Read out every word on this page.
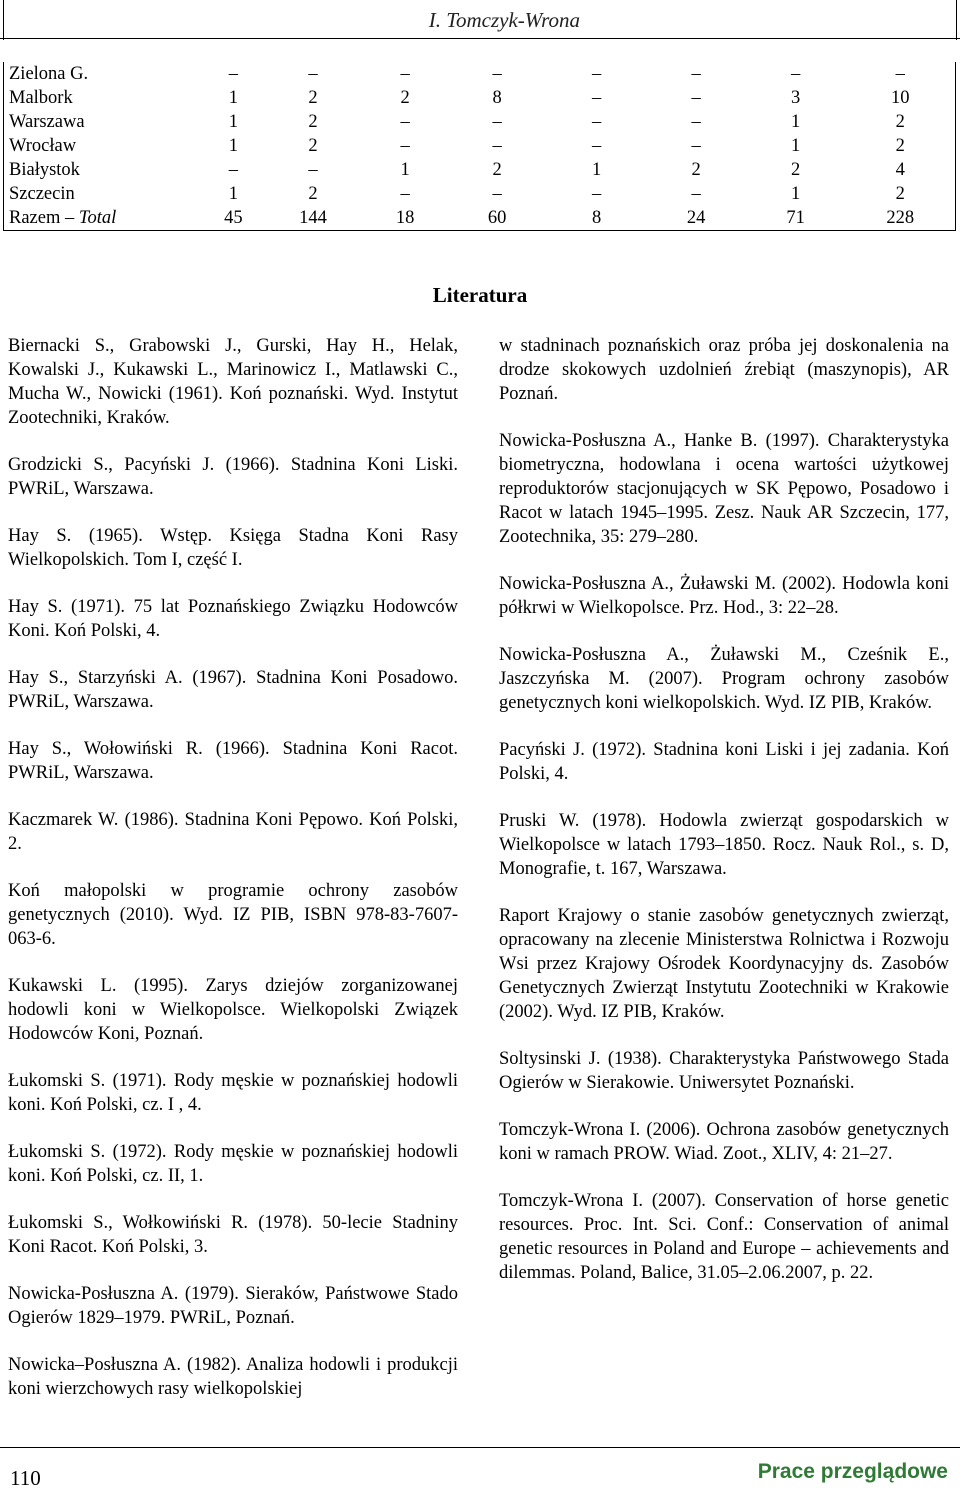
I. Tomczyk-Wrona
Zielona G.	–	–	–	–	–	–	–	–
Malbork	1	2	2	8	–	–	3	10
Warszawa	1	2	–	–	–	–	1	2
Wrocław	1	2	–	–	–	–	1	2
Białystok	–	–	1	2	1	2	2	4
Szczecin	1	2	–	–	–	–	1	2
Razem – Total	45	144	18	60	8	24	71	228
Literatura

Biernacki S., Grabowski J., Gurski, Hay H., Helak, Kowalski J., Kukawski L., Marinowicz I., Matlawski C., Mucha W., Nowicki (1961). Koń poznański. Wyd. Instytut Zootechniki, Kraków.

Grodzicki S., Pacyński J. (1966). Stadnina Koni Liski. PWRiL, Warszawa.

Hay S. (1965). Wstęp. Księga Stadna Koni Rasy Wielkopolskich. Tom I, część I.

Hay S. (1971). 75 lat Poznańskiego Związku Hodowców Koni. Koń Polski, 4.

Hay S., Starzyński A. (1967). Stadnina Koni Posadowo. PWRiL, Warszawa.

Hay S., Wołowiński R. (1966). Stadnina Koni Racot. PWRiL, Warszawa.

Kaczmarek W. (1986). Stadnina Koni Pępowo. Koń Polski, 2.

Koń małopolski w programie ochrony zasobów genetycznych (2010). Wyd. IZ PIB, ISBN 978-83-7607-063-6.

Kukawski L. (1995). Zarys dziejów zorganizowanej hodowli koni w Wielkopolsce. Wielkopolski Związek Hodowców Koni, Poznań.

Łukomski S. (1971). Rody męskie w poznańskiej hodowli koni. Koń Polski, cz. I , 4.

Łukomski S. (1972). Rody męskie w poznańskiej hodowli koni. Koń Polski, cz. II, 1.

Łukomski S., Wołkowiński R. (1978). 50-lecie Stadniny Koni Racot. Koń Polski, 3.

Nowicka-Posłuszna A. (1979). Sieraków, Państwowe Stado Ogierów 1829–1979. PWRiL, Poznań.

Nowicka–Posłuszna A. (1982). Analiza hodowli i produkcji koni wierzchowych rasy wielkopolskiej

w stadninach poznańskich oraz próba jej doskonalenia na drodze skokowych uzdolnień źrebiąt (maszynopis), AR Poznań.

Nowicka-Posłuszna A., Hanke B. (1997). Charakterystyka biometryczna, hodowlana i ocena wartości użytkowej reproduktorów stacjonujących w SK Pępowo, Posadowo i Racot w latach 1945–1995. Zesz. Nauk AR Szczecin, 177, Zootechnika, 35: 279–280.

Nowicka-Posłuszna A., Żuławski M. (2002). Hodowla koni półkrwi w Wielkopolsce. Prz. Hod., 3: 22–28.

Nowicka-Posłuszna A., Żuławski M., Cześnik E., Jaszczyńska M. (2007). Program ochrony zasobów genetycznych koni wielkopolskich. Wyd. IZ PIB, Kraków.

Pacyński J. (1972). Stadnina koni Liski i jej zadania. Koń Polski, 4.

Pruski W. (1978). Hodowla zwierząt gospodarskich w Wielkopolsce w latach 1793–1850. Rocz. Nauk Rol., s. D, Monografie, t. 167, Warszawa.

Raport Krajowy o stanie zasobów genetycznych zwierząt, opracowany na zlecenie Ministerstwa Rolnictwa i Rozwoju Wsi przez Krajowy Ośrodek Koordynacyjny ds. Zasobów Genetycznych Zwierząt Instytutu Zootechniki w Krakowie (2002). Wyd. IZ PIB, Kraków.

Soltysinski J. (1938). Charakterystyka Państwowego Stada Ogierów w Sierakowie. Uniwersytet Poznański.

Tomczyk-Wrona I. (2006). Ochrona zasobów genetycznych koni w ramach PROW. Wiad. Zoot., XLIV, 4: 21–27.

Tomczyk-Wrona I. (2007). Conservation of horse genetic resources. Proc. Int. Sci. Conf.: Conservation of animal genetic resources in Poland and Europe – achievements and dilemmas. Poland, Balice, 31.05–2.06.2007, p. 22.

110	Prace przeglądowe
